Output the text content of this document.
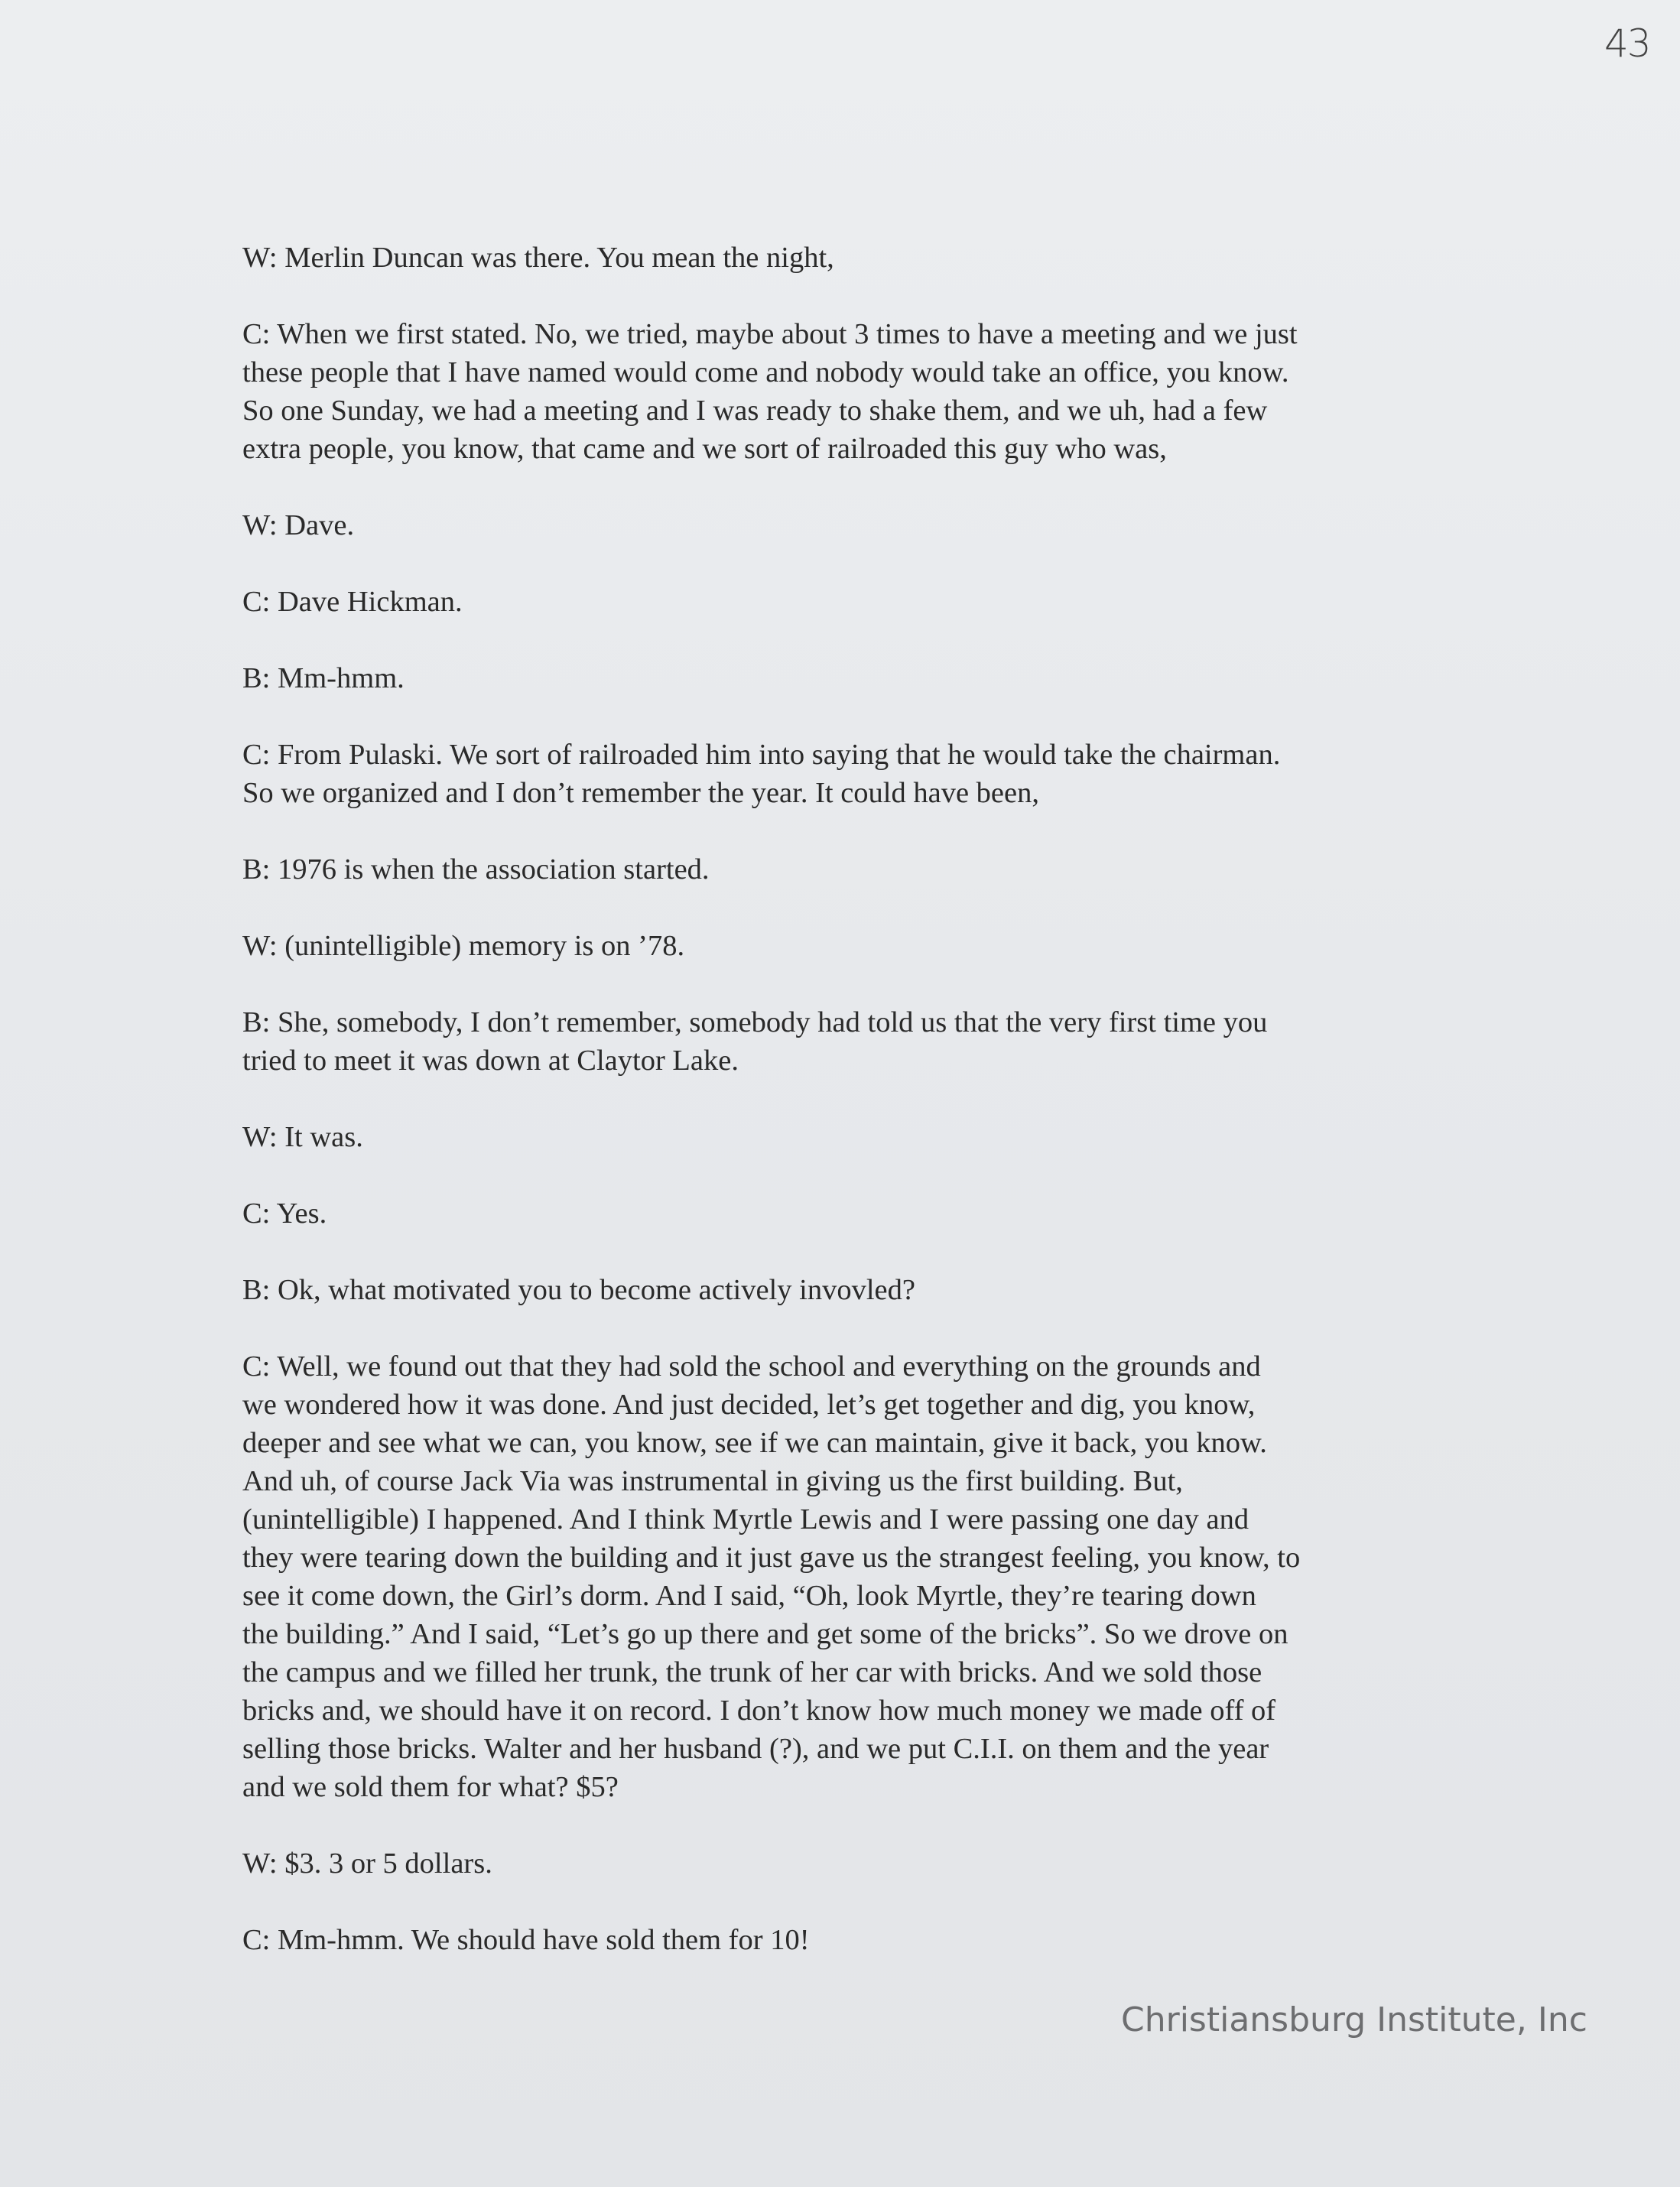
43
W: Merlin Duncan was there. You mean the night,
C: When we first stated. No, we tried, maybe about 3 times to have a meeting and we just
these people that I have named would come and nobody would take an office, you know.
So one Sunday, we had a meeting and I was ready to shake them, and we uh, had a few
extra people, you know, that came and we sort of railroaded this guy who was,
W: Dave.
C: Dave Hickman.
B: Mm-hmm.
C: From Pulaski. We sort of railroaded him into saying that he would take the chairman.
So we organized and I don’t remember the year. It could have been,
B: 1976 is when the association started.
W: (unintelligible) memory is on ’78.
B: She, somebody, I don’t remember, somebody had told us that the very first time you
tried to meet it was down at Claytor Lake.
W: It was.
C: Yes.
B: Ok, what motivated you to become actively invovled?
C: Well, we found out that they had sold the school and everything on the grounds and
we wondered how it was done. And just decided, let’s get together and dig, you know,
deeper and see what we can, you know, see if we can maintain, give it back, you know.
And uh, of course Jack Via was instrumental in giving us the first building. But,
(unintelligible) I happened. And I think Myrtle Lewis and I were passing one day and
they were tearing down the building and it just gave us the strangest feeling, you know, to
see it come down, the Girl’s dorm. And I said, “Oh, look Myrtle, they’re tearing down
the building.” And I said, “Let’s go up there and get some of the bricks”. So we drove on
the campus and we filled her trunk, the trunk of her car with bricks. And we sold those
bricks and, we should have it on record. I don’t know how much money we made off of
selling those bricks. Walter and her husband (?), and we put C.I.I. on them and the year
and we sold them for what? $5?
W: $3. 3 or 5 dollars.
C: Mm-hmm. We should have sold them for 10!
Christiansburg Institute, Inc
